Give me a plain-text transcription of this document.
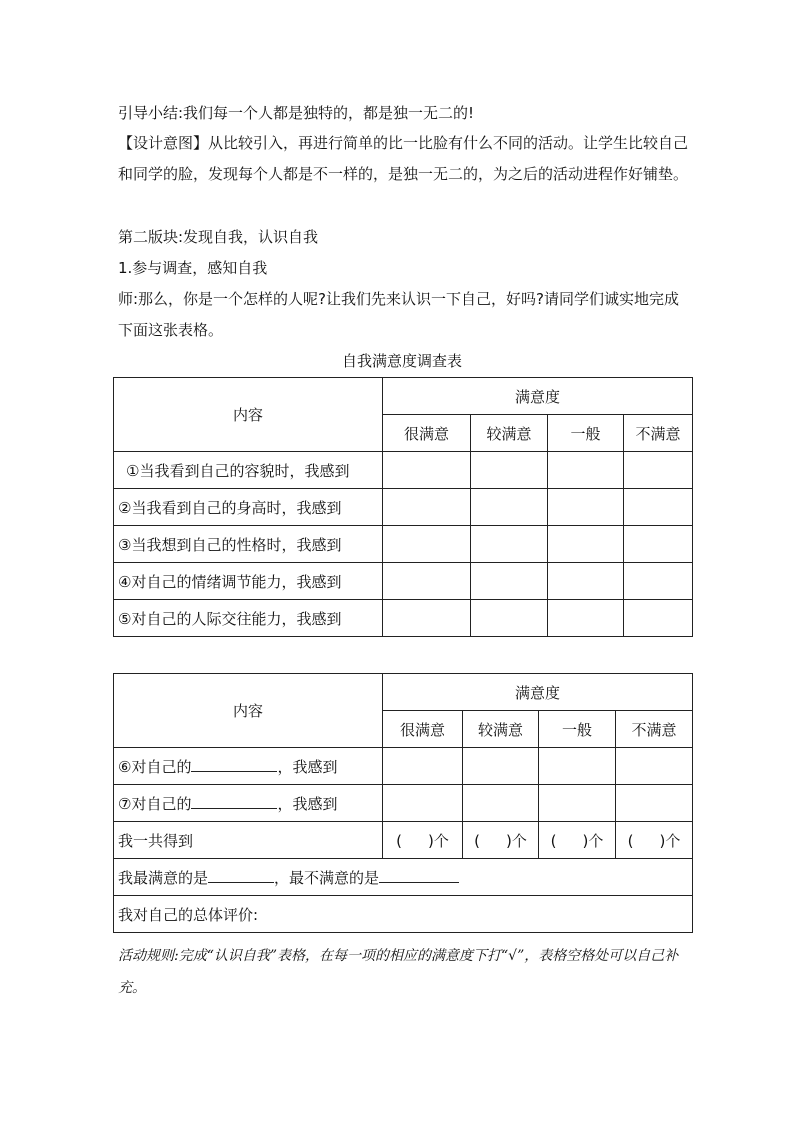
引导小结:我们每一个人都是独特的，都是独一无二的!

【设计意图】从比较引入，再进行简单的比一比脸有什么不同的活动。让学生比较自己和同学的脸，发现每个人都是不一样的，是独一无二的，为之后的活动进程作好铺垫。

第二版块:发现自我，认识自我

1.参与调查，感知自我

师:那么，你是一个怎样的人呢?让我们先来认识一下自己，好吗?请同学们诚实地完成下面这张表格。

自我满意度调查表
内容	满意度			
	很满意	较满意	一般	不满意
①当我看到自己的容貌时，我感到				
②当我看到自己的身高时，我感到				
③当我想到自己的性格时，我感到				
④对自己的情绪调节能力，我感到				
⑤对自己的人际交往能力，我感到				
内容	满意度			
	很满意	较满意	一般	不满意
⑥对自己的 ，我感到				
⑦对自己的 ，我感到				
我一共得到	( )个	( )个	( )个	( )个
我最满意的是 ，最不满意的是				
我对自己的总体评价:				
活动规则:完成“认识自我”表格，在每一项的相应的满意度下打“√”，表格空格处可以自己补充。
